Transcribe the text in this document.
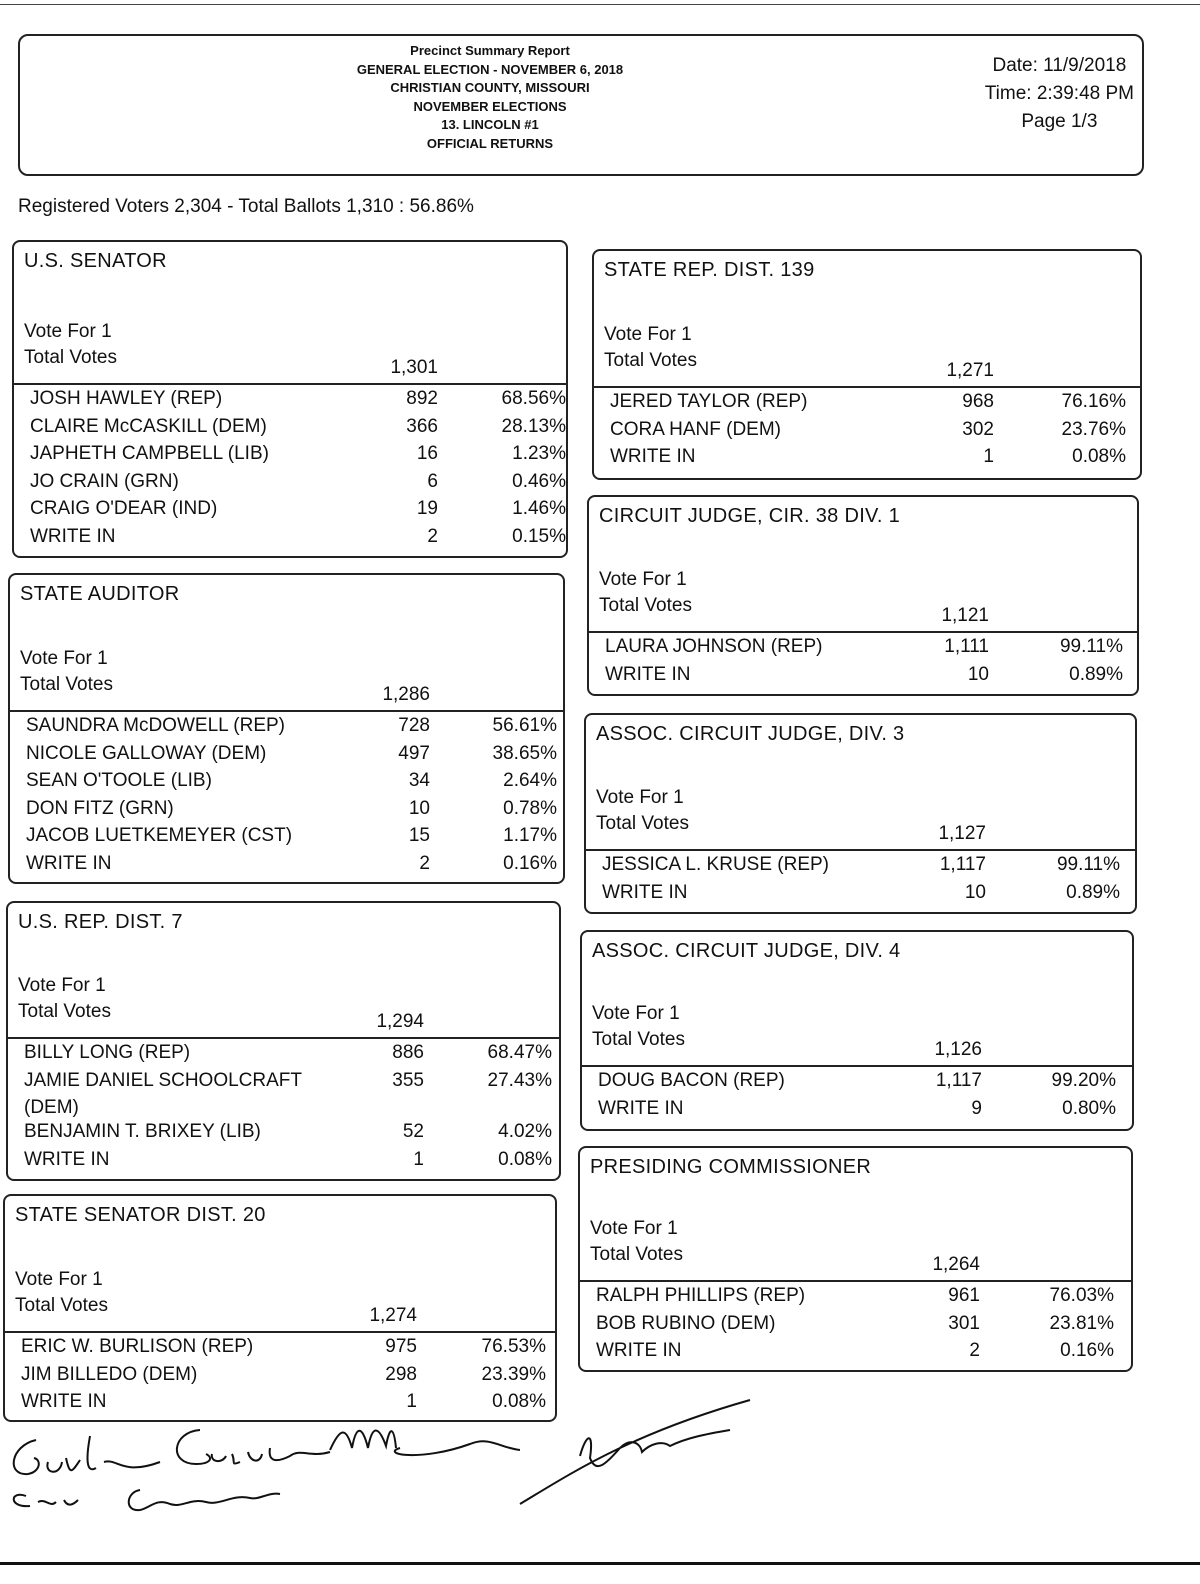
Precinct Summary Report
GENERAL ELECTION - NOVEMBER 6, 2018
CHRISTIAN COUNTY, MISSOURI
NOVEMBER ELECTIONS
13. LINCOLN #1
OFFICIAL RETURNS
Date: 11/9/2018
Time: 2:39:48 PM
Page 1/3
Registered Voters 2,304 - Total Ballots 1,310 : 56.86%
U.S. SENATOR
Vote For 1
Total Votes	1,301
JOSH HAWLEY (REP)	892	68.56%
CLAIRE McCASKILL (DEM)	366	28.13%
JAPHETH CAMPBELL (LIB)	16	1.23%
JO CRAIN (GRN)	6	0.46%
CRAIG O'DEAR (IND)	19	1.46%
WRITE IN	2	0.15%
STATE AUDITOR
Vote For 1
Total Votes	1,286
SAUNDRA McDOWELL (REP)	728	56.61%
NICOLE GALLOWAY (DEM)	497	38.65%
SEAN O'TOOLE (LIB)	34	2.64%
DON FITZ (GRN)	10	0.78%
JACOB LUETKEMEYER (CST)	15	1.17%
WRITE IN	2	0.16%
U.S. REP. DIST. 7
Vote For 1
Total Votes	1,294
BILLY LONG (REP)	886	68.47%
JAMIE DANIEL SCHOOLCRAFT	355	27.43%
(DEM)
BENJAMIN T. BRIXEY (LIB)	52	4.02%
WRITE IN	1	0.08%
STATE SENATOR DIST. 20
Vote For 1
Total Votes	1,274
ERIC W. BURLISON (REP)	975	76.53%
JIM BILLEDO (DEM)	298	23.39%
WRITE IN	1	0.08%
STATE REP. DIST. 139
Vote For 1
Total Votes	1,271
JERED TAYLOR (REP)	968	76.16%
CORA HANF (DEM)	302	23.76%
WRITE IN	1	0.08%
CIRCUIT JUDGE, CIR. 38 DIV. 1
Vote For 1
Total Votes	1,121
LAURA JOHNSON (REP)	1,111	99.11%
WRITE IN	10	0.89%
ASSOC. CIRCUIT JUDGE, DIV. 3
Vote For 1
Total Votes	1,127
JESSICA L. KRUSE (REP)	1,117	99.11%
WRITE IN	10	0.89%
ASSOC. CIRCUIT JUDGE, DIV. 4
Vote For 1
Total Votes	1,126
DOUG BACON (REP)	1,117	99.20%
WRITE IN	9	0.80%
PRESIDING COMMISSIONER
Vote For 1
Total Votes	1,264
RALPH PHILLIPS (REP)	961	76.03%
BOB RUBINO (DEM)	301	23.81%
WRITE IN	2	0.16%
